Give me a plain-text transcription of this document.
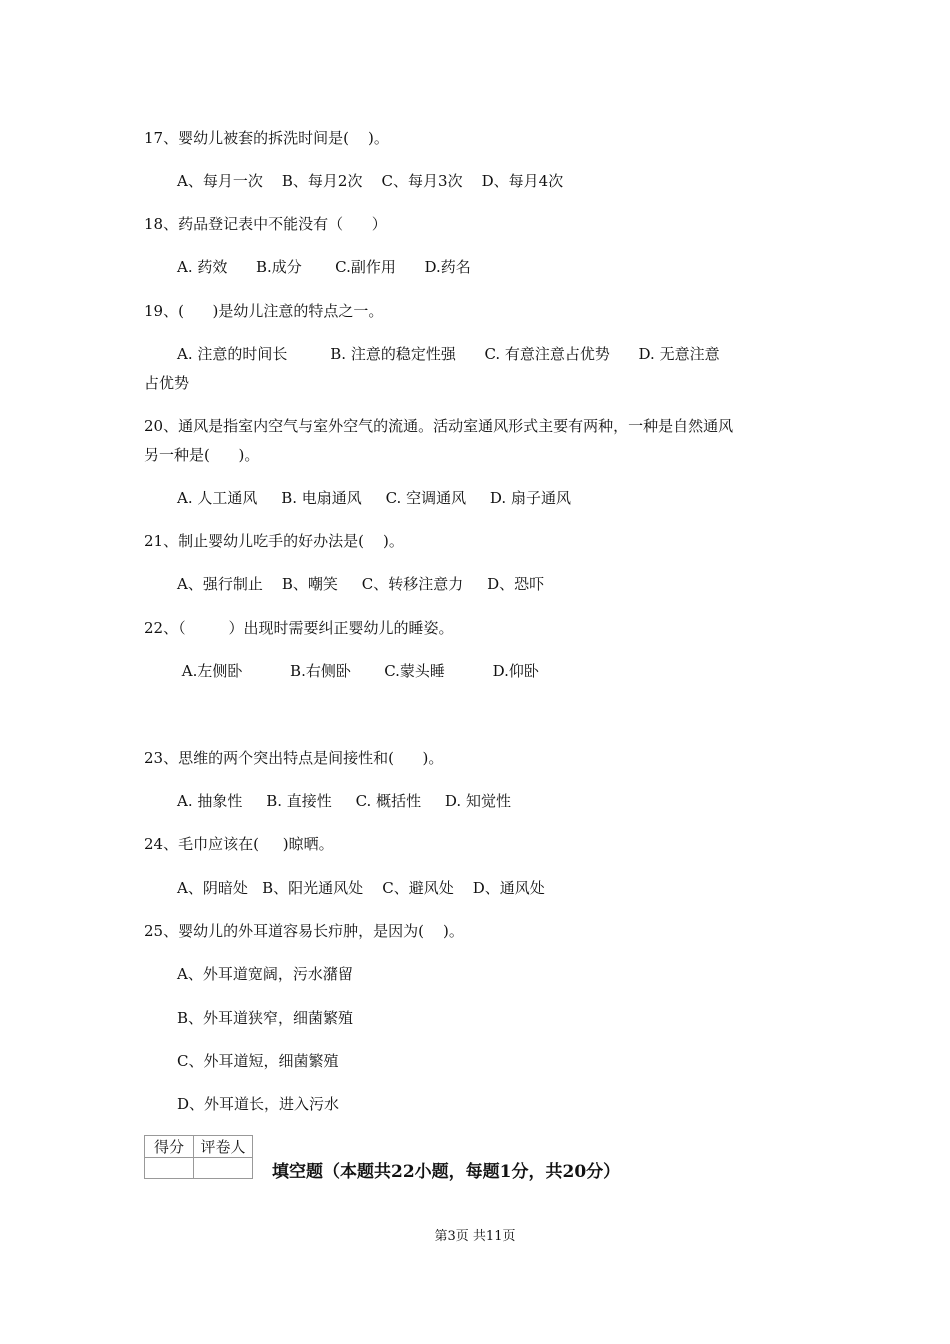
17、婴幼儿被套的拆洗时间是(    )。
A、每月一次    B、每月2次    C、每月3次    D、每月4次
18、药品登记表中不能没有（      ）
A. 药效      B.成分       C.副作用      D.药名
19、(      )是幼儿注意的特点之一。
A. 注意的时间长         B. 注意的稳定性强      C. 有意注意占优势      D. 无意注意
占优势
20、通风是指室内空气与室外空气的流通。活动室通风形式主要有两种，一种是自然通风
另一种是(      )。
A. 人工通风     B. 电扇通风     C. 空调通风     D. 扇子通风
21、制止婴幼儿吃手的好办法是(    )。
A、强行制止    B、嘲笑     C、转移注意力     D、恐吓
22、（         ）出现时需要纠正婴幼儿的睡姿。
A.左侧卧          B.右侧卧       C.蒙头睡          D.仰卧
23、思维的两个突出特点是间接性和(      )。
A. 抽象性     B. 直接性     C. 概括性     D. 知觉性
24、毛巾应该在(     )晾晒。
A、阴暗处   B、阳光通风处    C、避风处    D、通风处
25、婴幼儿的外耳道容易长疖肿，是因为(    )。
A、外耳道宽阔，污水潴留
B、外耳道狭窄，细菌繁殖
C、外耳道短，细菌繁殖
D、外耳道长，进入污水
得分	评卷人

填空题（本题共22小题，每题1分，共20分）
第3页 共11页
